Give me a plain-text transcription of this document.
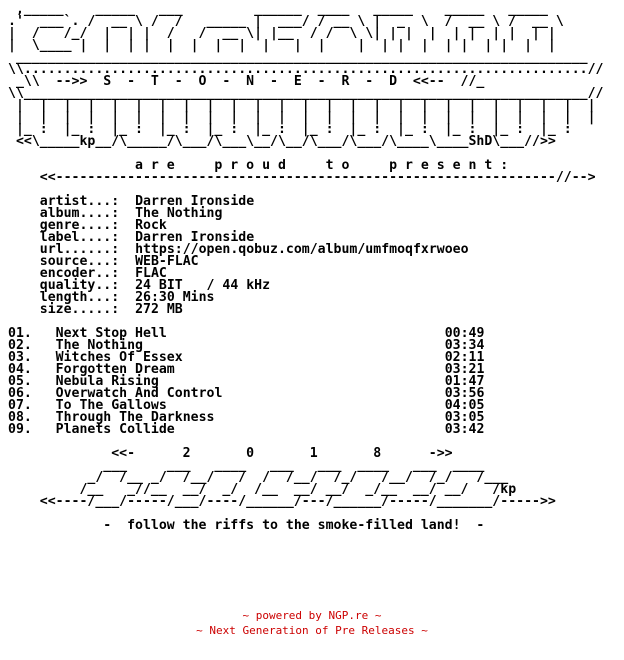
,_____    _____   ___         ______  ____   _____    _____   _____
.'  ___`. /  __ \ /  /   _____ |  ___/ / __ \ |  _  \  /  __ \ /  __ \
|  /   /_/  |  | |  /   /  __ \| |__  / /  \ \| | |  |  | |  | |  | |
|  \____ |  |  | |  |  |  |  |  |   |  |    |  | |  |  | |  | |  |  |
________________________________________________________________________
\\.......................................................................//
_\\  -->>  S  -  T  -  O  -  N  -  E  -  R  -  D  <<--  //_
\\_______________________________________________________________________//
|  |  |  |  |  |  |  |  |  |  |  |  |  |  |  |  |  |  |  |  |  |  |  |  |
|  |  |  |  |  |  |  |  |  |  |  |  |  |  |  |  |  |  |  |  |  |  |  |  |
|_ :  |_ :  |_ :  |_ :  |_ :  |_ :  |_ :  |_ :  |_ :  |_ :  |_ :  |_ :
<<\_____kp__/\_____/\___/\___\__/\__/\___/\___/\____\____ShD\___//>>

a r e     p r o u d     t o     p r e s e n t :
<<---------------------------------------------------------------//-->

artist...: Darren Ironside
album....: The Nothing
genre....: Rock
label....: Darren Ironside
url......: https://open.qobuz.com/album/umfmoqfxrwoeo
source...: WEB-FLAC
encoder..: FLAC
quality..: 24 BIT   / 44 kHz
length...: 26:30 Mins
size.....: 272 MB

01. Next Stop Hell                                   00:49
02. The Nothing                                      03:34
03. Witches Of Essex                                 02:11
04. Forgotten Dream                                  03:21
05. Nebula Rising                                    01:47
06. Overwatch And Control                            03:56
07. To The Gallows                                   04:05
08. Through The Darkness                             03:05
09. Planets Collide                                  03:42

<<-      2       0       1       8      ->>
___     ___   ____   ___   ___  ____   ___  ____
_/  /__ _/  /__/   /  /  /__/  /_/   /__/  /_/   /___
/__   _//__  __/  _/  /__  __/ __/  _/__  __/ __/   /kp
<<----/___/-----/___/----/______/---/______/-----/_______/----->>

-  follow the riffs to the smoke-filled land!  -
~ powered by NGP.re ~
~ Next Generation of Pre Releases ~
